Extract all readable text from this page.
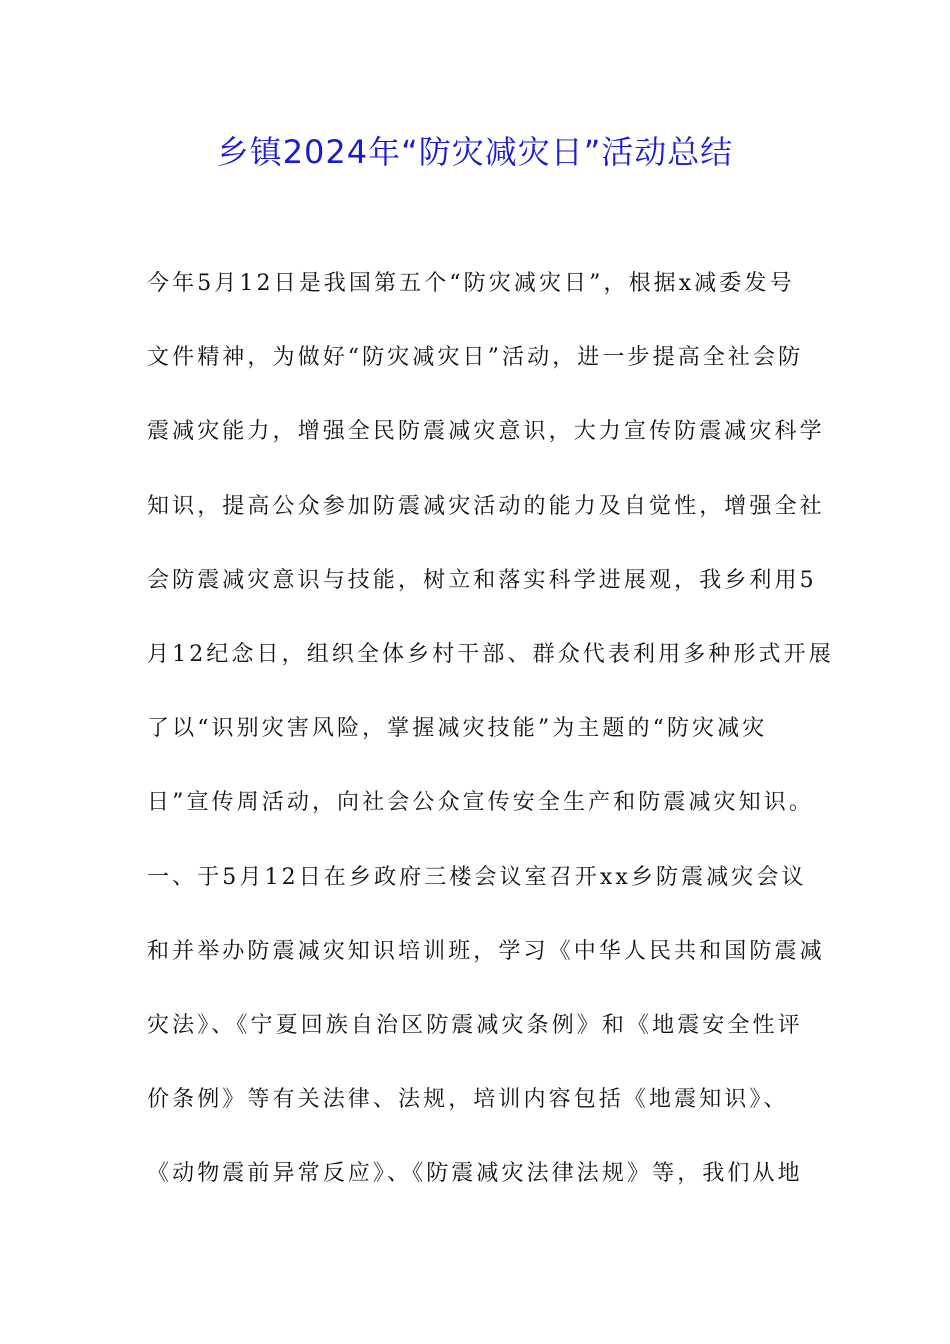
乡镇2024年“防灾减灾日”活动总结
今年5月12日是我国第五个“防灾减灾日”，根据x减委发号
文件精神，为做好“防灾减灾日”活动，进一步提高全社会防
震减灾能力，增强全民防震减灾意识，大力宣传防震减灾科学
知识，提高公众参加防震减灾活动的能力及自觉性，增强全社
会防震减灾意识与技能，树立和落实科学进展观，我乡利用5
月12纪念日，组织全体乡村干部、群众代表利用多种形式开展
了以“识别灾害风险，掌握减灾技能”为主题的“防灾减灾
日”宣传周活动，向社会公众宣传安全生产和防震减灾知识。
一、于5月12日在乡政府三楼会议室召开xx乡防震减灾会议
和并举办防震减灾知识培训班，学习《中华人民共和国防震减
灾法》、《宁夏回族自治区防震减灾条例》和《地震安全性评
价条例》等有关法律、法规，培训内容包括《地震知识》、
《动物震前异常反应》、《防震减灾法律法规》等，我们从地
